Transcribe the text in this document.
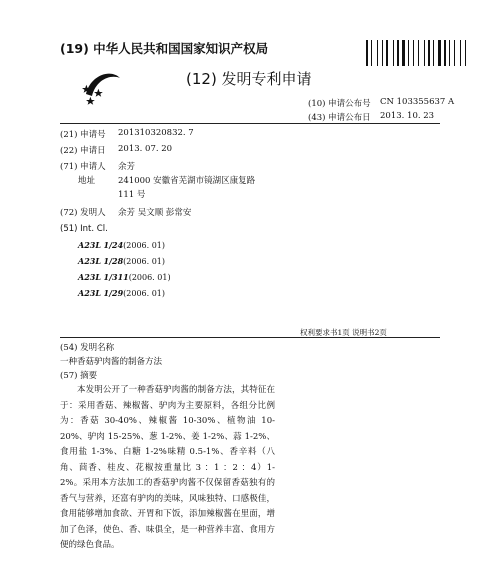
(19) 中华人民共和国国家知识产权局
(12) 发明专利申请
(10) 申请公布号 CN 103355637 A
(43) 申请公布日 2013. 10. 23
(21) 申请号 201310320832. 7
(22) 申请日 2013. 07. 20
(71) 申请人 余芳
地址	241000 安徽省芜湖市镜湖区康复路
111 号
(72) 发明人 余芳 吴文顺 彭常安
(51) Int. Cl.
A23L 1/24(2006. 01)
A23L 1/28(2006. 01)
A23L 1/311(2006. 01)
A23L 1/29(2006. 01)
权利要求书1页 说明书2页
(54) 发明名称
一种香菇驴肉酱的制备方法
(57) 摘要
本发明公开了一种香菇驴肉酱的制备方法，其特征在于：采用香菇、辣椒酱、驴肉为主要原料，各组分比例为：香菇 30-40%、辣椒酱 10-30%、植物油 10-20%、驴肉 15-25%、葱 1-2%、姜 1-2%、蒜 1-2%、食用盐 1-3%、白糖 1-2%味精 0.5-1%、香辛料（八角、茴香、桂皮、花椒按重量比 3 ：1 ：2 ：4）1-2%。采用本方法加工的香菇驴肉酱不仅保留香菇独有的香气与营养，还富有驴肉的美味，风味独特、口感极佳，食用能够增加食欲、开胃和下饭，添加辣椒酱在里面，增加了色泽，使色、香、味俱全，是一种营养丰富、食用方便的绿色食品。
